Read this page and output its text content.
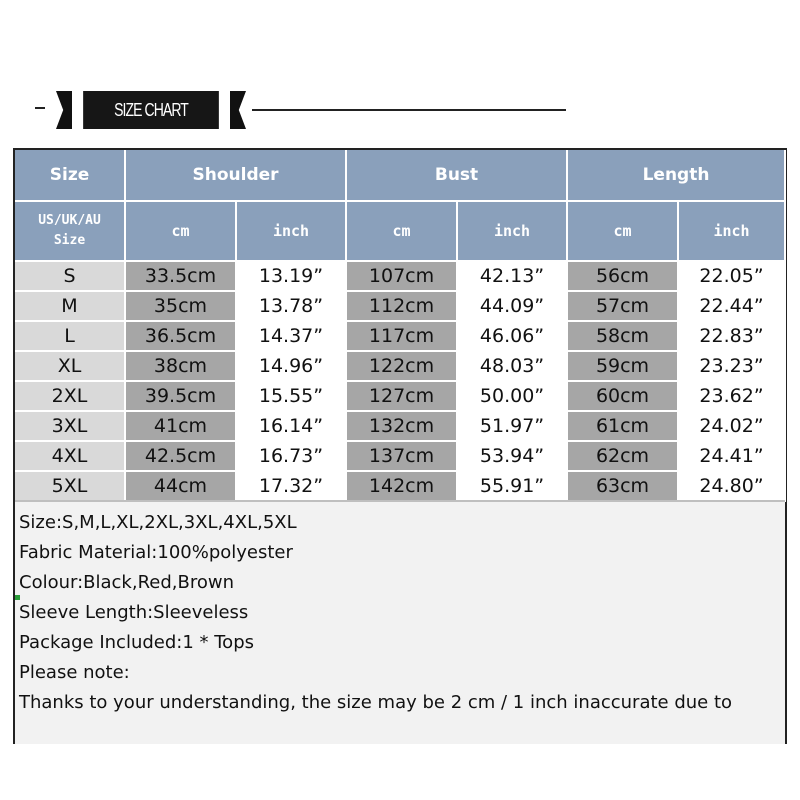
SIZE CHART
Size	Shoulder		Bust		Length	
US/UK/AU
Size	cm	inch	cm	inch	cm	inch
S	33.5cm	13.19”	107cm	42.13”	56cm	22.05”
M	35cm	13.78”	112cm	44.09”	57cm	22.44”
L	36.5cm	14.37”	117cm	46.06”	58cm	22.83”
XL	38cm	14.96”	122cm	48.03”	59cm	23.23”
2XL	39.5cm	15.55”	127cm	50.00”	60cm	23.62”
3XL	41cm	16.14”	132cm	51.97”	61cm	24.02”
4XL	42.5cm	16.73”	137cm	53.94”	62cm	24.41”
5XL	44cm	17.32”	142cm	55.91”	63cm	24.80”
Size:S,M,L,XL,2XL,3XL,4XL,5XL
Fabric Material:100%polyester
Colour:Black,Red,Brown
Sleeve Length:Sleeveless
Package Included:1 * Tops
Please note:
Thanks to your understanding, the size may be 2 cm / 1 inch inaccurate due to
